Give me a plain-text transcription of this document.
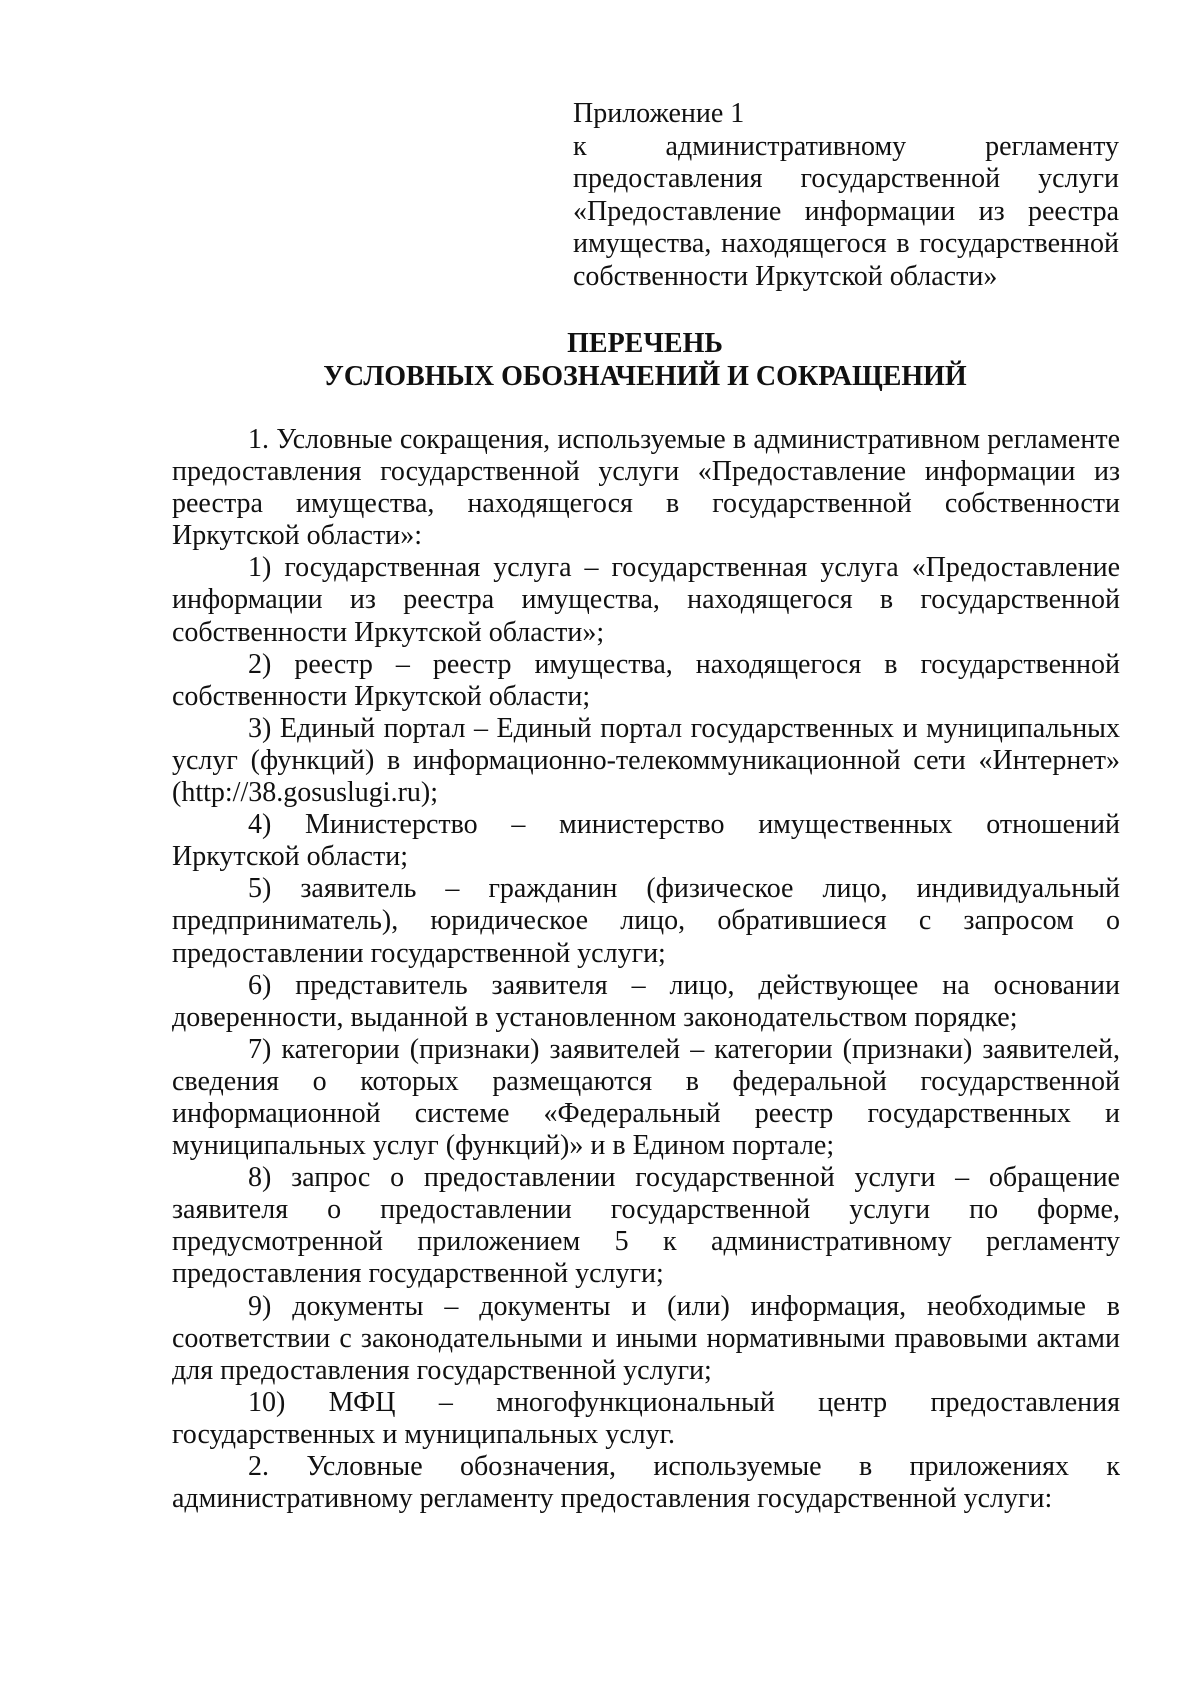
Приложение 1
к административному регламенту
предоставления государственной услуги
«Предоставление информации из реестра
имущества, находящегося в государственной
собственности Иркутской области»
ПЕРЕЧЕНЬ
УСЛОВНЫХ ОБОЗНАЧЕНИЙ И СОКРАЩЕНИЙ

1. Условные сокращения, используемые в административном регламенте предоставления государственной услуги «Предоставление информации из реестра имущества, находящегося в государственной собственности Иркутской области»:

1) государственная услуга – государственная услуга «Предоставление информации из реестра имущества, находящегося в государственной собственности Иркутской области»;

2) реестр – реестр имущества, находящегося в государственной собственности Иркутской области;

3) Единый портал – Единый портал государственных и муниципальных услуг (функций) в информационно-телекоммуникационной сети «Интернет» (http://38.gosuslugi.ru);

4) Министерство – министерство имущественных отношений Иркутской области;

5) заявитель – гражданин (физическое лицо, индивидуальный предприниматель), юридическое лицо, обратившиеся с запросом о предоставлении государственной услуги;

6) представитель заявителя – лицо, действующее на основании доверенности, выданной в установленном законодательством порядке;

7) категории (признаки) заявителей – категории (признаки) заявителей, сведения о которых размещаются в федеральной государственной информационной системе «Федеральный реестр государственных и муниципальных услуг (функций)» и в Едином портале;

8) запрос о предоставлении государственной услуги – обращение заявителя о предоставлении государственной услуги по форме, предусмотренной приложением 5 к административному регламенту предоставления государственной услуги;

9) документы – документы и (или) информация, необходимые в соответствии с законодательными и иными нормативными правовыми актами для предоставления государственной услуги;

10) МФЦ – многофункциональный центр предоставления государственных и муниципальных услуг.

2. Условные обозначения, используемые в приложениях к административному регламенту предоставления государственной услуги:
